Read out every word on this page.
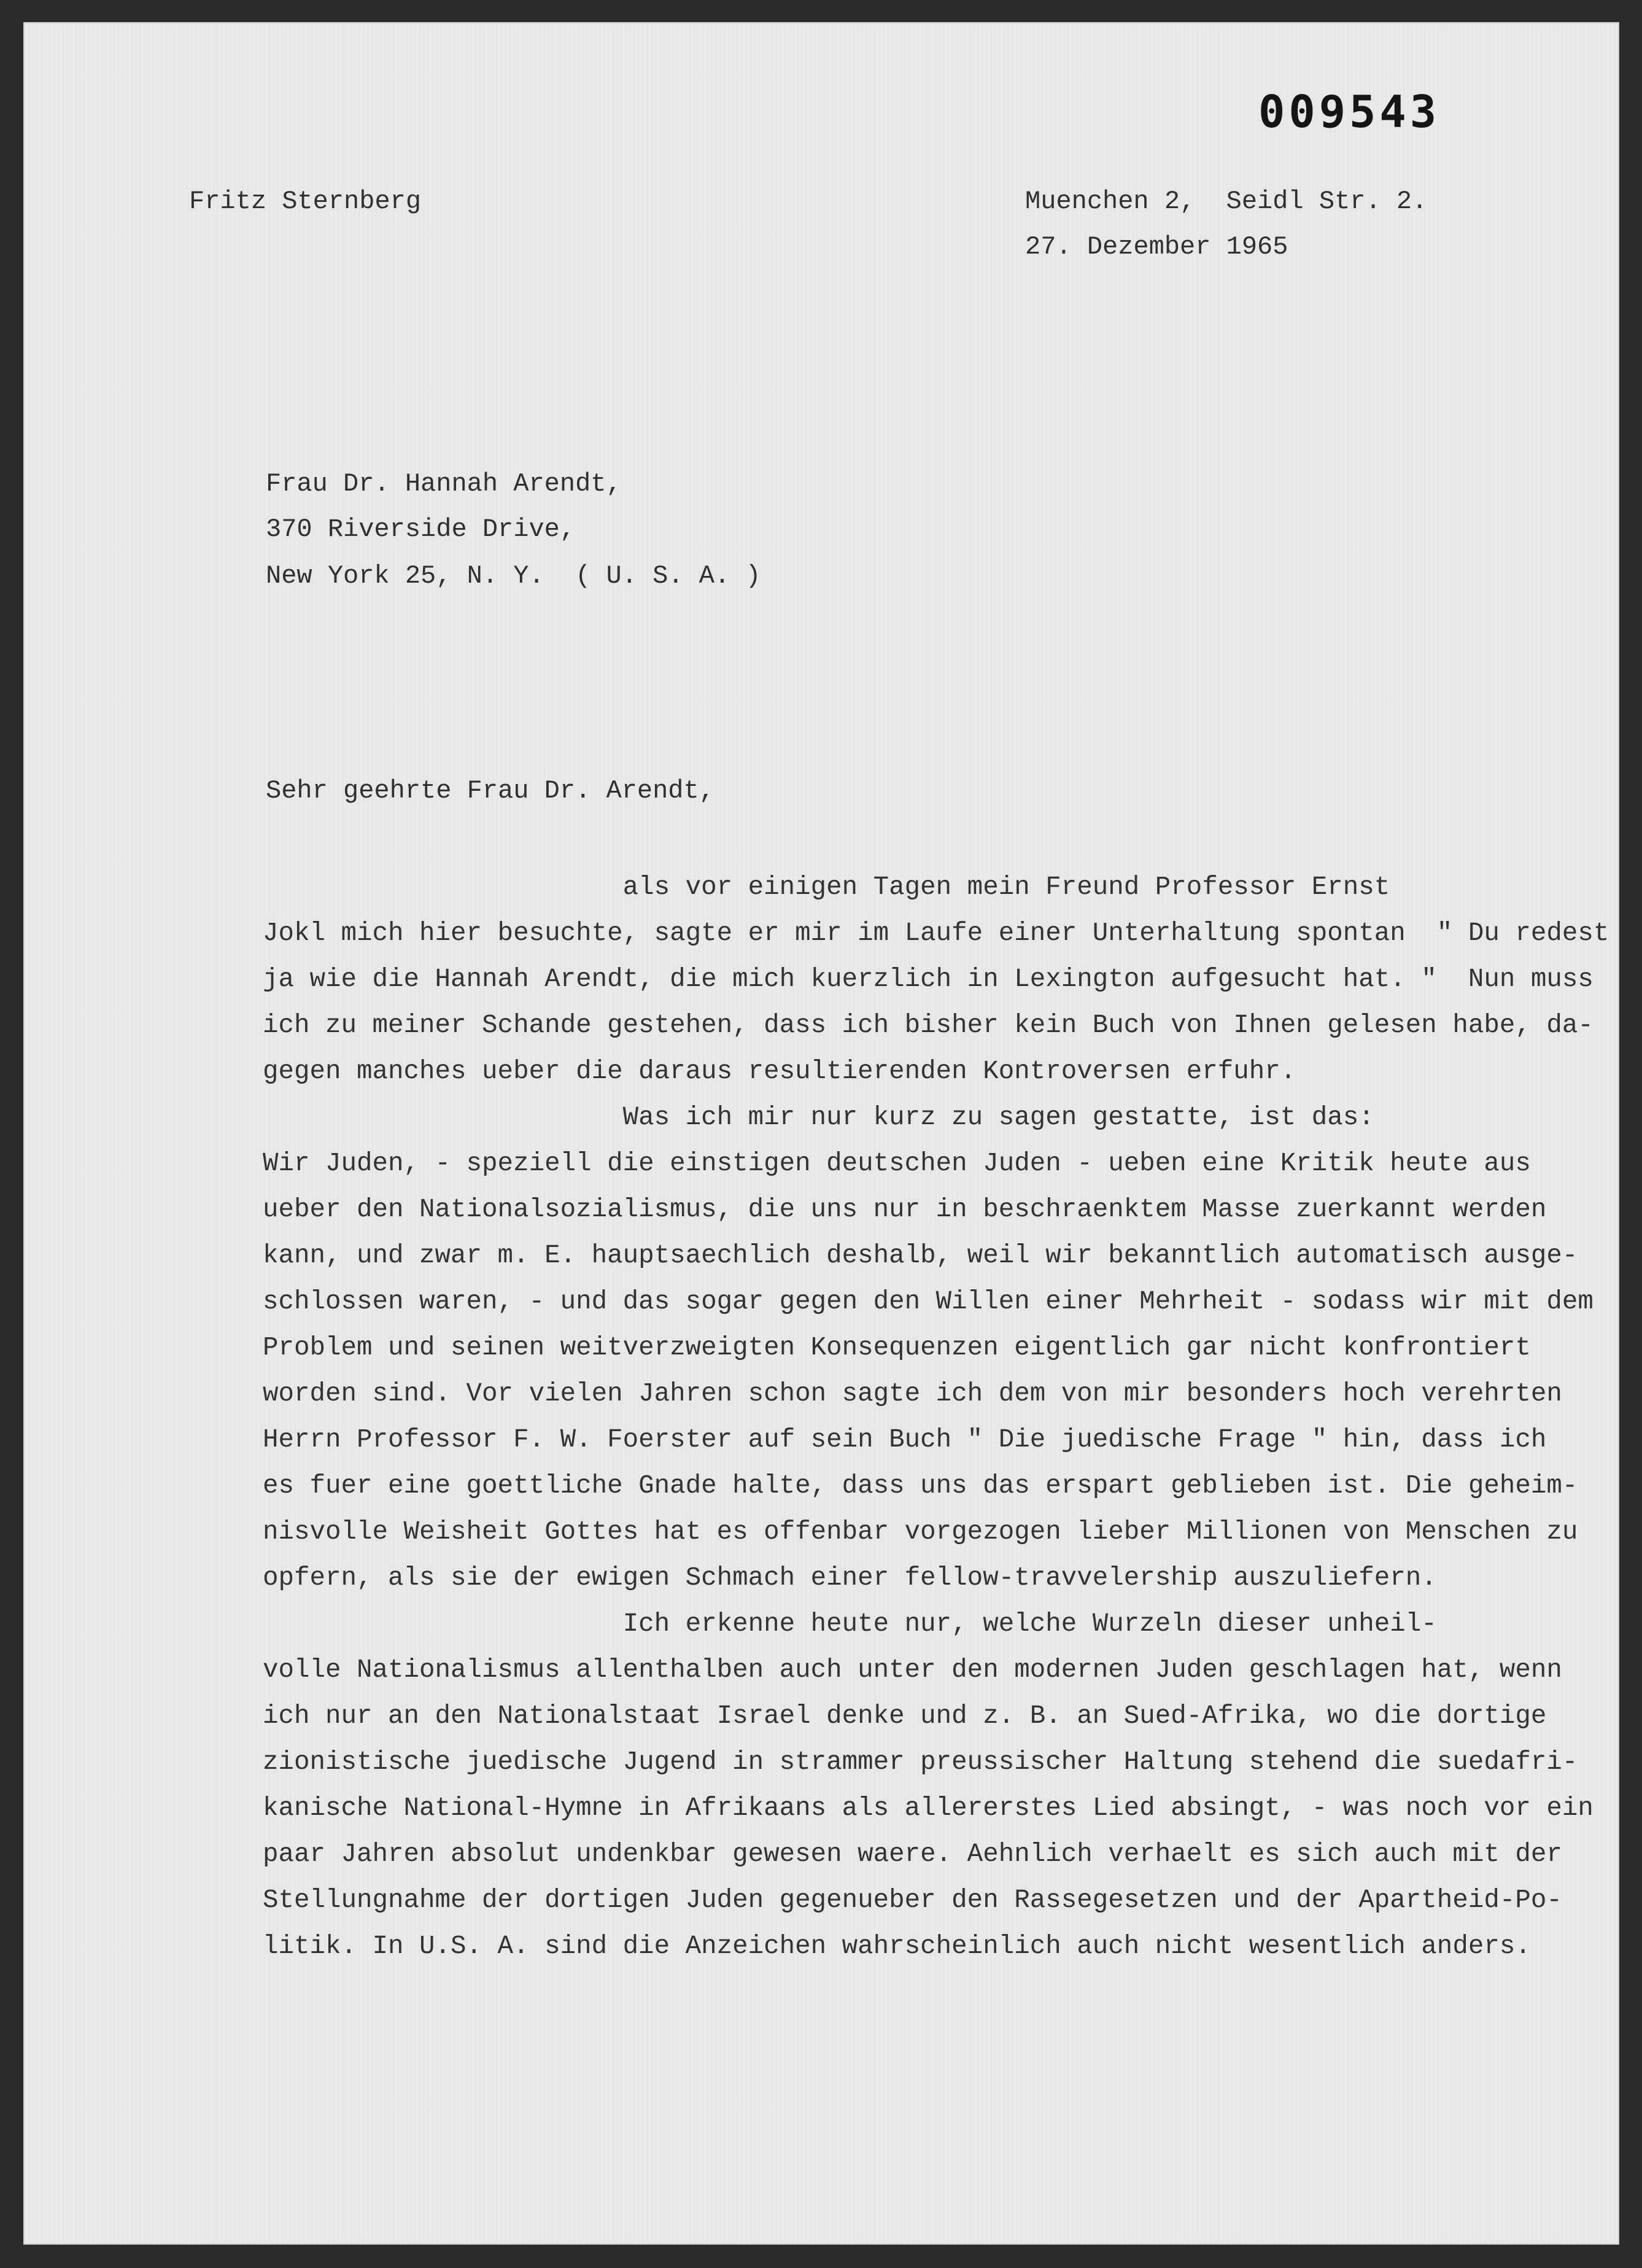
009543
Fritz Sternberg	Muenchen 2,  Seidl Str. 2.
27. Dezember 1965
Frau Dr. Hannah Arendt,
370 Riverside Drive,
New York 25, N. Y.  ( U. S. A. )
Sehr geehrte Frau Dr. Arendt,

als vor einigen Tagen mein Freund Professor Ernst

Jokl mich hier besuchte, sagte er mir im Laufe einer Unterhaltung spontan  " Du redest

ja wie die Hannah Arendt, die mich kuerzlich in Lexington aufgesucht hat. "  Nun muss

ich zu meiner Schande gestehen, dass ich bisher kein Buch von Ihnen gelesen habe, da-

gegen manches ueber die daraus resultierenden Kontroversen erfuhr.

Was ich mir nur kurz zu sagen gestatte, ist das:

Wir Juden, - speziell die einstigen deutschen Juden - ueben eine Kritik heute aus

ueber den Nationalsozialismus, die uns nur in beschraenktem Masse zuerkannt werden

kann, und zwar m. E. hauptsaechlich deshalb, weil wir bekanntlich automatisch ausge-

schlossen waren, - und das sogar gegen den Willen einer Mehrheit - sodass wir mit dem

Problem und seinen weitverzweigten Konsequenzen eigentlich gar nicht konfrontiert

worden sind. Vor vielen Jahren schon sagte ich dem von mir besonders hoch verehrten

Herrn Professor F. W. Foerster auf sein Buch " Die juedische Frage " hin, dass ich

es fuer eine goettliche Gnade halte, dass uns das erspart geblieben ist. Die geheim-

nisvolle Weisheit Gottes hat es offenbar vorgezogen lieber Millionen von Menschen zu

opfern, als sie der ewigen Schmach einer fellow-travvelership auszuliefern.

Ich erkenne heute nur, welche Wurzeln dieser unheil-

volle Nationalismus allenthalben auch unter den modernen Juden geschlagen hat, wenn

ich nur an den Nationalstaat Israel denke und z. B. an Sued-Afrika, wo die dortige

zionistische juedische Jugend in strammer preussischer Haltung stehend die suedafri-

kanische National-Hymne in Afrikaans als allererstes Lied absingt, - was noch vor ein

paar Jahren absolut undenkbar gewesen waere. Aehnlich verhaelt es sich auch mit der

Stellungnahme der dortigen Juden gegenueber den Rassegesetzen und der Apartheid-Po-

litik. In U.S. A. sind die Anzeichen wahrscheinlich auch nicht wesentlich anders.
